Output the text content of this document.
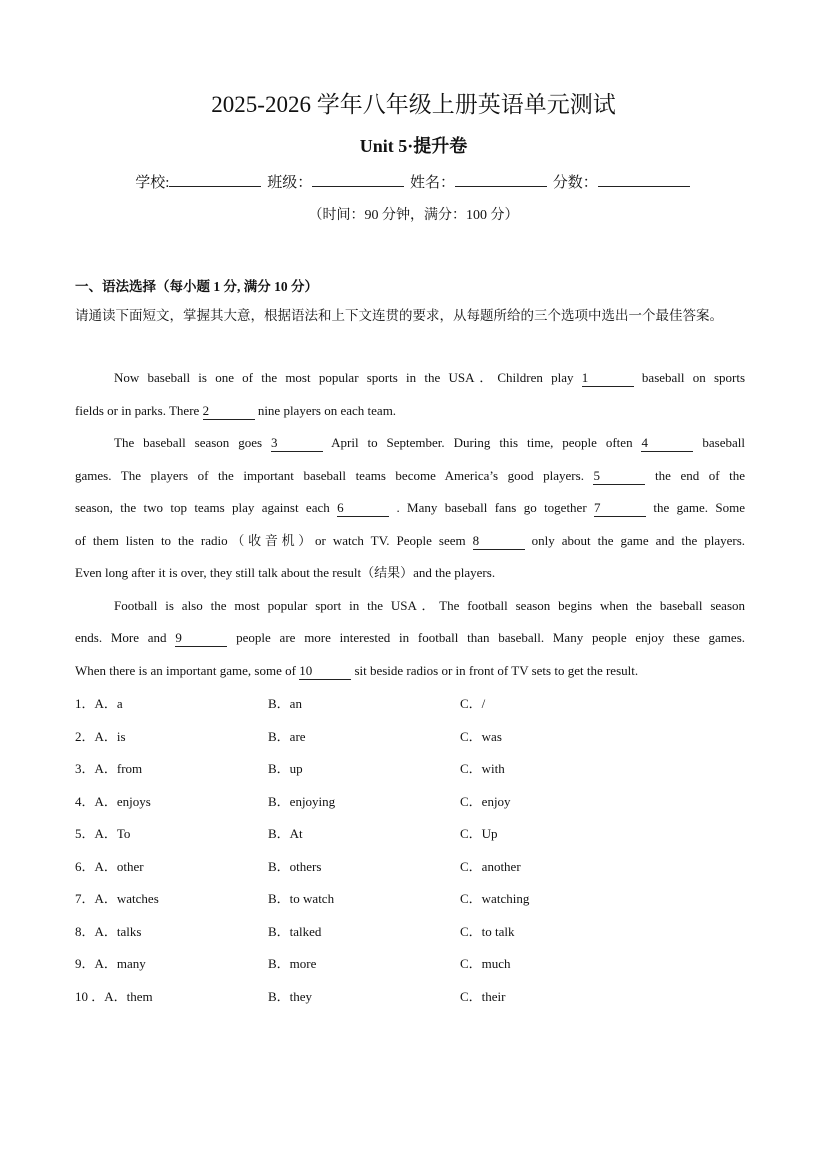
2025-2026 学年八年级上册英语单元测试
Unit 5·提升卷
学校:	班级：	姓名：	分数：
（时间：90 分钟，满分：100 分）
一、语法选择（每小题 1 分, 满分 10 分）
请通读下面短文，掌握其大意，根据语法和上下文连贯的要求，从每题所给的三个选项中选出一个最佳答案。
Now baseball is one of the most popular sports in the USA．Children play 1	baseball on sports
fields or in parks. There 2	nine players on each team.
The baseball season goes 3	April to September. During this time, people often 4	baseball
games. The players of the important baseball teams become America’s good players. 5	the end of the
season, the two top teams play against each 6	. Many baseball fans go together 7	the game. Some
of them listen to the radio（收音机）or watch TV. People seem 8	only about the game and the players.
Even long after it is over, they still talk about the result（结果）and the players.
Football is also the most popular sport in the USA．The football season begins when the baseball season
ends. More and 9	people are more interested in football than baseball. Many people enjoy these games.
When there is an important game, some of 10	sit beside radios or in front of TV sets to get the result.
1．A．a	B．an	C．/
2．A．is	B．are	C．was
3．A．from	B．up	C．with
4．A．enjoys	B．enjoying	C．enjoy
5．A．To	B．At	C．Up
6．A．other	B．others	C．another
7．A．watches	B．to watch	C．watching
8．A．talks	B．talked	C．to talk
9．A．many	B．more	C．much
10 ．A．them	B．they	C．their
